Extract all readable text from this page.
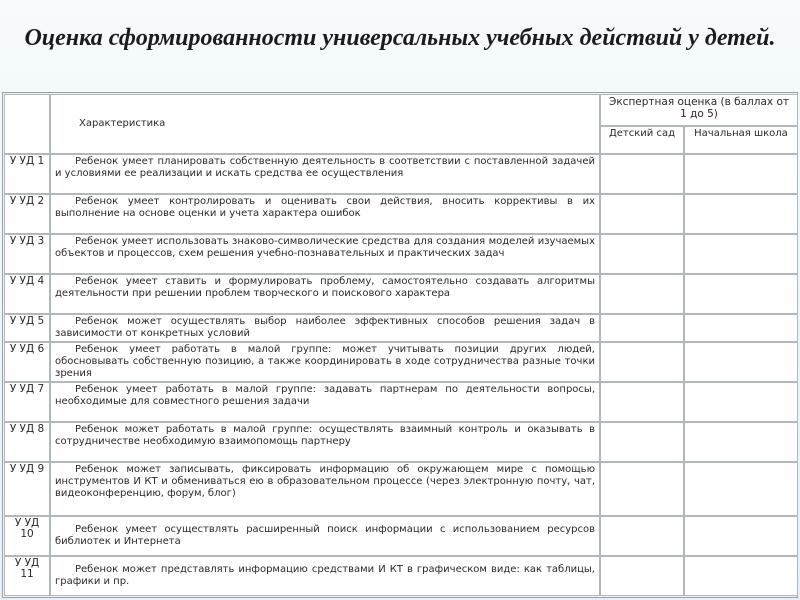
Оценка сформированности универсальных учебных действий у детей.
	Характеристика	Экспертная оценка (в баллах от 1 до 5)	
		Детский сад	Начальная школа
У УД 1	Ребенок умеет планировать собственную деятельность в соответствии с поставленной задачей и условиями ее реализации и искать средства ее осуществления		
У УД 2	Ребенок умеет контролировать и оценивать свои действия, вносить коррективы в их выполнение на основе оценки и учета характера ошибок		
У УД 3	Ребенок умеет использовать знаково-символические средства для создания моделей изучаемых объектов и процессов, схем решения учебно-познавательных и практических задач		
У УД 4	Ребенок умеет ставить и формулировать проблему, самостоятельно создавать алгоритмы деятельности при решении проблем творческого и поискового характера		
У УД 5	Ребенок может осуществлять выбор наиболее эффективных способов решения задач в зависимости от конкретных условий		
У УД 6	Ребенок умеет работать в малой группе: может учитывать позиции других людей, обосновывать собственную позицию, а также координировать в ходе сотрудничества разные точки зрения		
У УД 7	Ребенок умеет работать в малой группе: задавать партнерам по деятельности вопросы, необходимые для совместного решения задачи		
У УД 8	Ребенок может работать в малой группе: осуществлять взаимный контроль и оказывать в сотрудничестве необходимую взаимопомощь партнеру		
У УД 9	Ребенок может записывать, фиксировать информацию об окружающем мире с помощью инструментов И КТ и обмениваться ею в образовательном процессе (через электронную почту, чат, видеоконференцию, форум, блог)		
У УД 10	Ребенок умеет осуществлять расширенный поиск информации с использованием ресурсов библиотек и Интернета		
У УД 11	Ребенок может представлять информацию средствами И КТ в графическом виде: как таблицы, графики и пр.		
